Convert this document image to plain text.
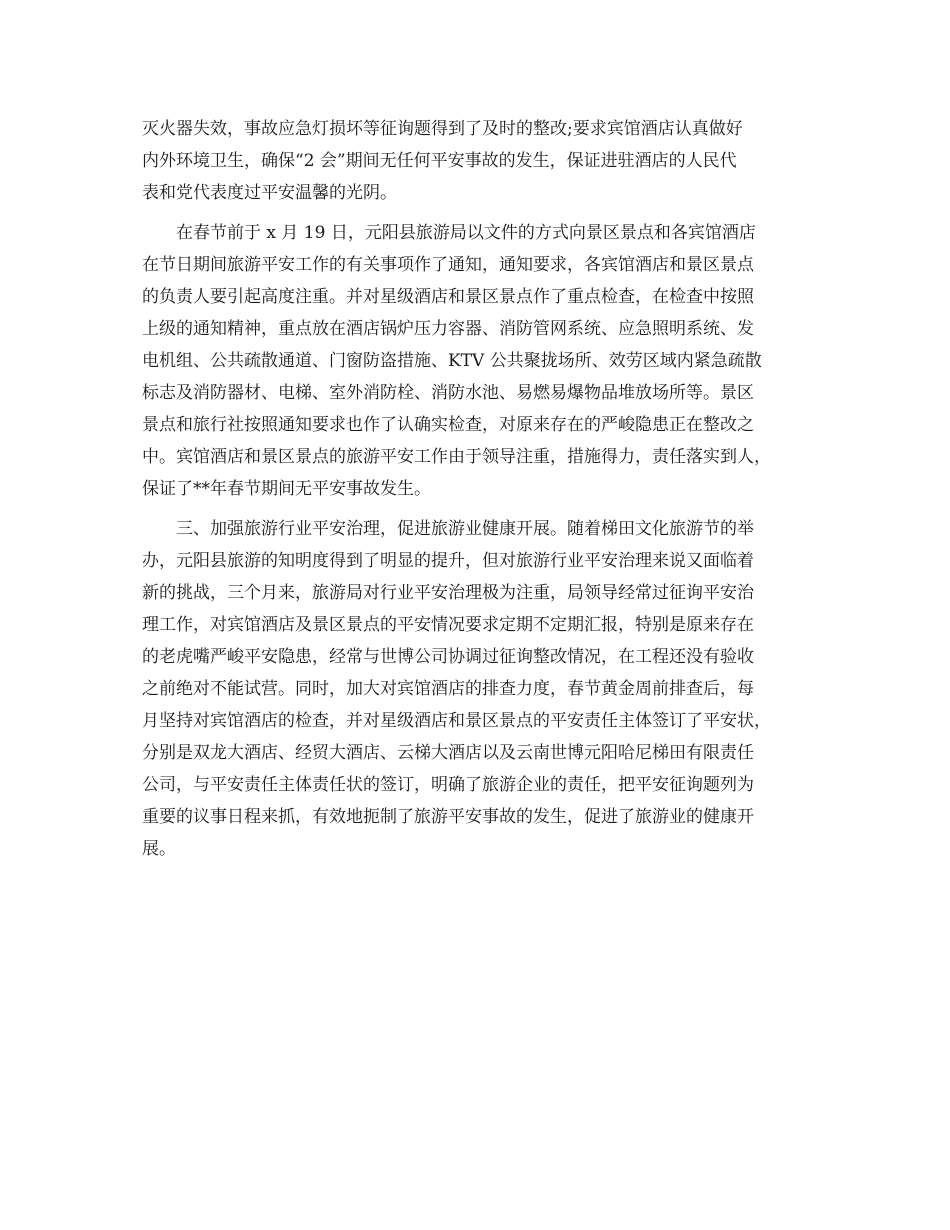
灭火器失效，事故应急灯损坏等征询题得到了及时的整改;要求宾馆酒店认真做好
内外环境卫生，确保“2 会”期间无任何平安事故的发生，保证进驻酒店的人民代
表和党代表度过平安温馨的光阴。
　　在春节前于 x 月 19 日，元阳县旅游局以文件的方式向景区景点和各宾馆酒店
在节日期间旅游平安工作的有关事项作了通知，通知要求，各宾馆酒店和景区景点
的负责人要引起高度注重。并对星级酒店和景区景点作了重点检查，在检查中按照
上级的通知精神，重点放在酒店锅炉压力容器、消防管网系统、应急照明系统、发
电机组、公共疏散通道、门窗防盗措施、KTV 公共聚拢场所、效劳区域内紧急疏散
标志及消防器材、电梯、室外消防栓、消防水池、易燃易爆物品堆放场所等。景区
景点和旅行社按照通知要求也作了认确实检查，对原来存在的严峻隐患正在整改之
中。宾馆酒店和景区景点的旅游平安工作由于领导注重，措施得力，责任落实到人，
保证了**年春节期间无平安事故发生。
　　三、加强旅游行业平安治理，促进旅游业健康开展。随着梯田文化旅游节的举
办，元阳县旅游的知明度得到了明显的提升，但对旅游行业平安治理来说又面临着
新的挑战，三个月来，旅游局对行业平安治理极为注重，局领导经常过征询平安治
理工作，对宾馆酒店及景区景点的平安情况要求定期不定期汇报，特别是原来存在
的老虎嘴严峻平安隐患，经常与世博公司协调过征询整改情况，在工程还没有验收
之前绝对不能试营。同时，加大对宾馆酒店的排查力度，春节黄金周前排查后，每
月坚持对宾馆酒店的检查，并对星级酒店和景区景点的平安责任主体签订了平安状，
分别是双龙大酒店、经贸大酒店、云梯大酒店以及云南世博元阳哈尼梯田有限责任
公司，与平安责任主体责任状的签订，明确了旅游企业的责任，把平安征询题列为
重要的议事日程来抓，有效地扼制了旅游平安事故的发生，促进了旅游业的健康开
展。
